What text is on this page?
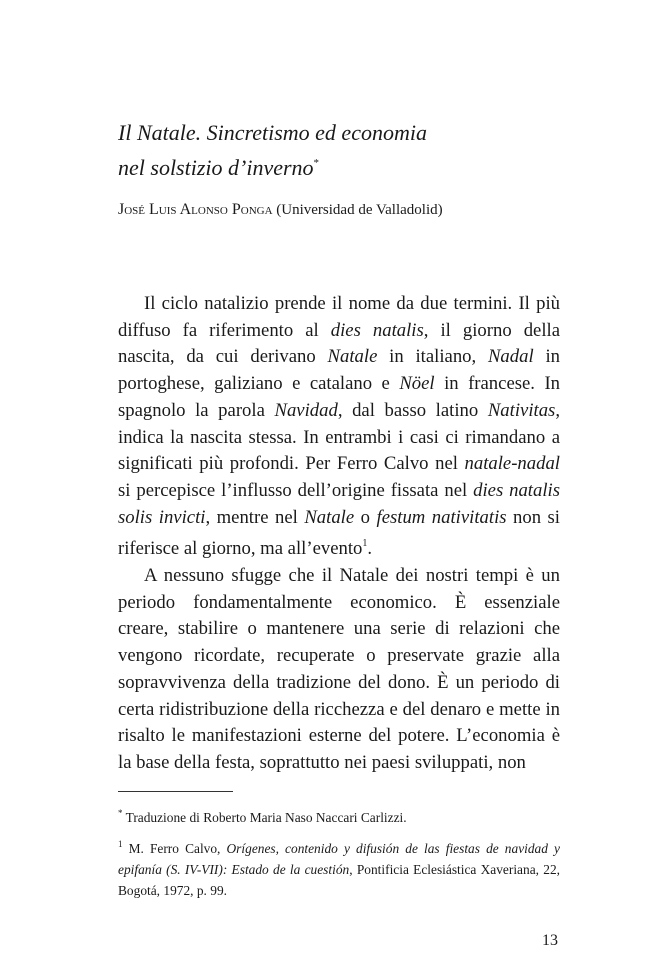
Il Natale. Sincretismo ed economia
nel solstizio d’inverno*
José Luis Alonso Ponga (Universidad de Valladolid)

Il ciclo natalizio prende il nome da due termini. Il più diffuso fa riferimento al dies natalis, il giorno della nascita, da cui derivano Natale in italiano, Nadal in portoghese, galiziano e catalano e Nöel in francese. In spagnolo la parola Navidad, dal basso latino Nativitas, indica la nascita stessa. In entrambi i casi ci rimandano a significati più profondi. Per Ferro Calvo nel natale-nadal si percepisce l’influsso dell’origine fissata nel dies natalis solis invicti, mentre nel Natale o festum nativitatis non si riferisce al giorno, ma all’evento$^1$.

A nessuno sfugge che il Natale dei nostri tempi è un periodo fondamentalmente economico. È essenziale creare, stabilire o mantenere una serie di relazioni che vengono ricordate, recuperate o preservate grazie alla sopravvivenza della tradizione del dono. È un periodo di certa ridistribuzione della ricchezza e del denaro e mette in risalto le manifestazioni esterne del potere. L’economia è la base della festa, soprattutto nei paesi sviluppati, non

* Traduzione di Roberto Maria Naso Naccari Carlizzi.

$^1$ M. Ferro Calvo, Orígenes, contenido y difusión de las fiestas de navidad y epifanía (S. IV-VII): Estado de la cuestión, Pontificia Eclesiástica Xaveriana, 22, Bogotá, 1972, p. 99.

13
